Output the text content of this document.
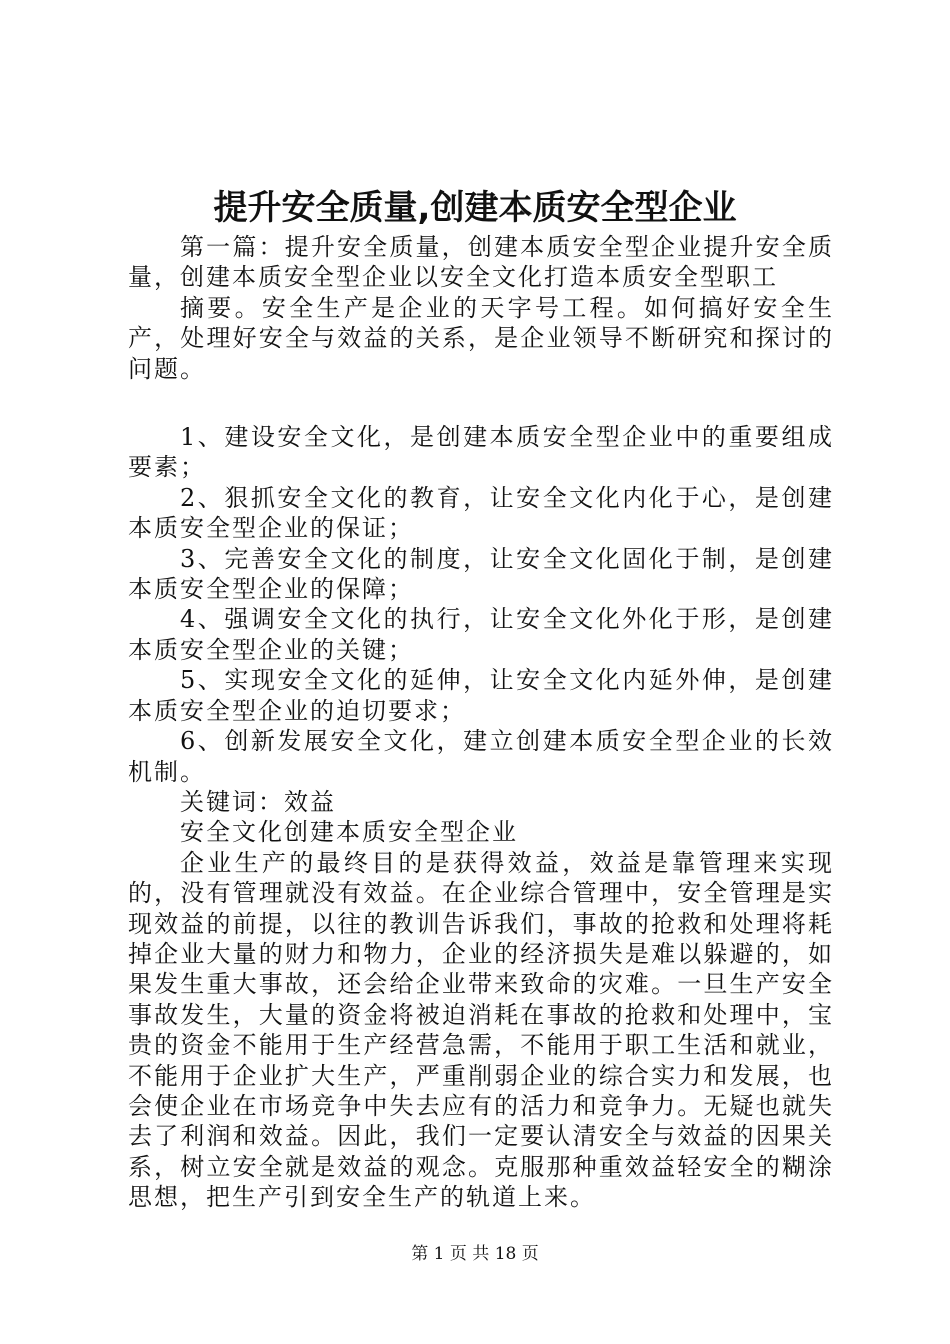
提升安全质量,创建本质安全型企业

第一篇：提升安全质量，创建本质安全型企业提升安全质量，创建本质安全型企业以安全文化打造本质安全型职工

摘要。安全生产是企业的天字号工程。如何搞好安全生产，处理好安全与效益的关系，是企业领导不断研究和探讨的问题。

1、建设安全文化，是创建本质安全型企业中的重要组成要素；

2、狠抓安全文化的教育，让安全文化内化于心，是创建本质安全型企业的保证；

3、完善安全文化的制度，让安全文化固化于制，是创建本质安全型企业的保障；

4、强调安全文化的执行，让安全文化外化于形，是创建本质安全型企业的关键；

5、实现安全文化的延伸，让安全文化内延外伸，是创建本质安全型企业的迫切要求；

6、创新发展安全文化，建立创建本质安全型企业的长效机制。

关键词：效益

安全文化创建本质安全型企业

企业生产的最终目的是获得效益，效益是靠管理来实现的，没有管理就没有效益。在企业综合管理中，安全管理是实现效益的前提，以往的教训告诉我们，事故的抢救和处理将耗掉企业大量的财力和物力，企业的经济损失是难以躲避的，如果发生重大事故，还会给企业带来致命的灾难。一旦生产安全事故发生，大量的资金将被迫消耗在事故的抢救和处理中，宝贵的资金不能用于生产经营急需，不能用于职工生活和就业，不能用于企业扩大生产，严重削弱企业的综合实力和发展，也会使企业在市场竞争中失去应有的活力和竞争力。无疑也就失去了利润和效益。因此，我们一定要认清安全与效益的因果关系，树立安全就是效益的观念。克服那种重效益轻安全的糊涂思想，把生产引到安全生产的轨道上来。

第 1 页 共 18 页
